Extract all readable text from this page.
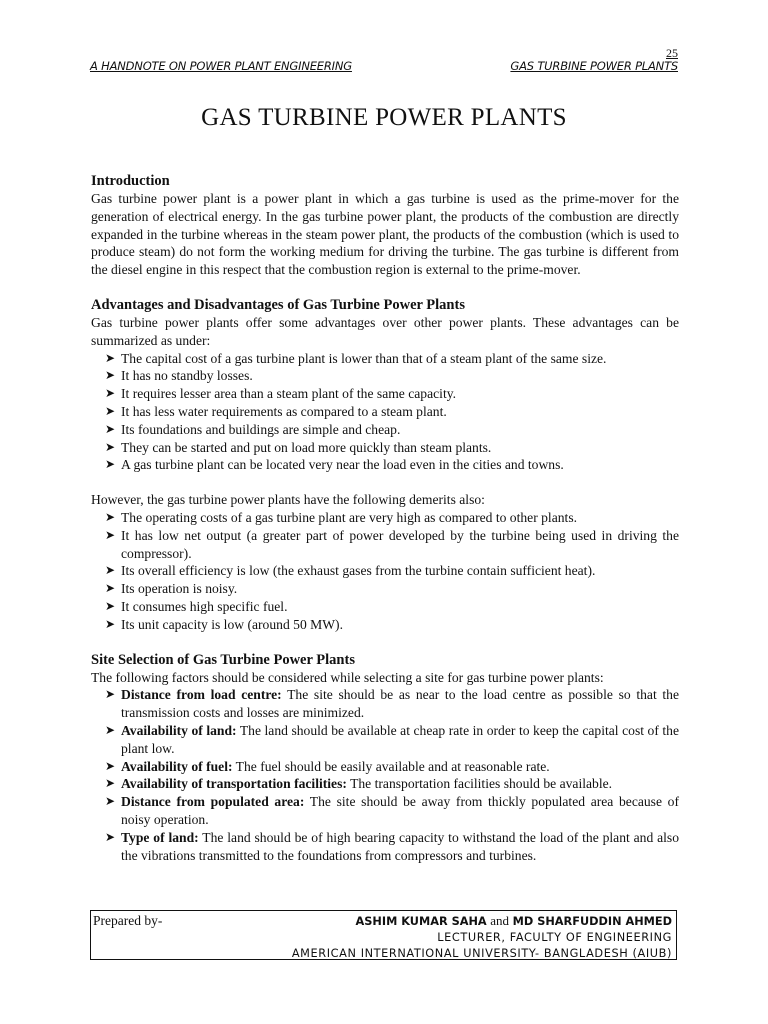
25
A HANDNOTE ON POWER PLANT ENGINEERING	GAS TURBINE POWER PLANTS
GAS TURBINE POWER PLANTS
Introduction

Gas turbine power plant is a power plant in which a gas turbine is used as the prime-mover for the generation of electrical energy. In the gas turbine power plant, the products of the combustion are directly expanded in the turbine whereas in the steam power plant, the products of the combustion (which is used to produce steam) do not form the working medium for driving the turbine. The gas turbine is different from the diesel engine in this respect that the combustion region is external to the prime-mover.

Advantages and Disadvantages of Gas Turbine Power Plants

Gas turbine power plants offer some advantages over other power plants. These advantages can be summarized as under:

➤ The capital cost of a gas turbine plant is lower than that of a steam plant of the same size.
➤ It has no standby losses.
➤ It requires lesser area than a steam plant of the same capacity.
➤ It has less water requirements as compared to a steam plant.
➤ Its foundations and buildings are simple and cheap.
➤ They can be started and put on load more quickly than steam plants.
➤ A gas turbine plant can be located very near the load even in the cities and towns.

However, the gas turbine power plants have the following demerits also:

➤ The operating costs of a gas turbine plant are very high as compared to other plants.
➤ It has low net output (a greater part of power developed by the turbine being used in driving the compressor).
➤ Its overall efficiency is low (the exhaust gases from the turbine contain sufficient heat).
➤ Its operation is noisy.
➤ It consumes high specific fuel.
➤ Its unit capacity is low (around 50 MW).
Site Selection of Gas Turbine Power Plants

The following factors should be considered while selecting a site for gas turbine power plants:

➤ Distance from load centre: The site should be as near to the load centre as possible so that the transmission costs and losses are minimized.
➤ Availability of land: The land should be available at cheap rate in order to keep the capital cost of the plant low.
➤ Availability of fuel: The fuel should be easily available and at reasonable rate.
➤ Availability of transportation facilities: The transportation facilities should be available.
➤ Distance from populated area: The site should be away from thickly populated area because of noisy operation.
➤ Type of land: The land should be of high bearing capacity to withstand the load of the plant and also the vibrations transmitted to the foundations from compressors and turbines.
Prepared by-	ASHIM KUMAR SAHA and MD SHARFUDDIN AHMED
LECTURER, FACULTY OF ENGINEERING
AMERICAN INTERNATIONAL UNIVERSITY- BANGLADESH (AIUB)
